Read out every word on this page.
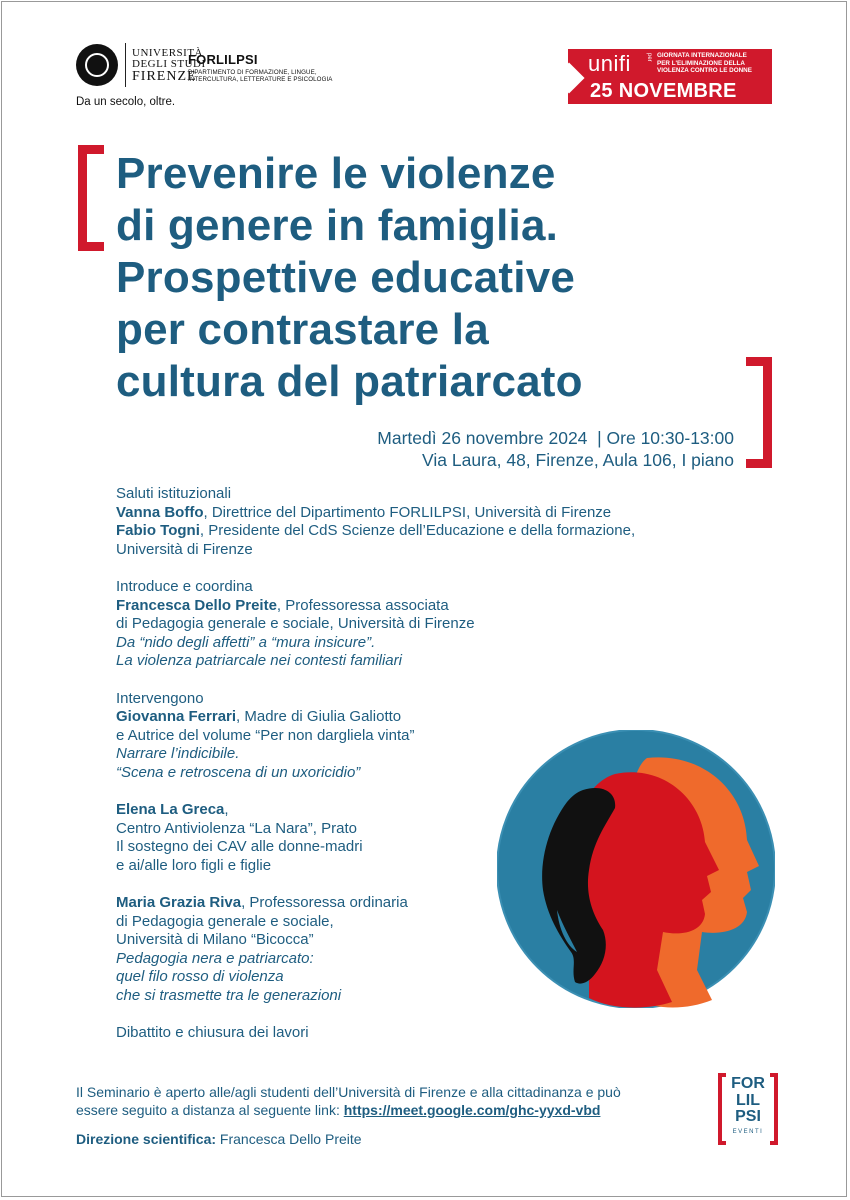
UNIVERSITÀ
DEGLI STUDI
FIRENZE
FORLILPSI
DIPARTIMENTO DI FORMAZIONE, LINGUE,
INTERCULTURA, LETTERATURE E PSICOLOGIA
Da un secolo, oltre.
unifi	per GIORNATA INTERNAZIONALE
PER L'ELIMINAZIONE DELLA
VIOLENZA CONTRO LE DONNE
25 NOVEMBRE
Prevenire le violenze
di genere in famiglia.
Prospettive educative
per contrastare la
cultura del patriarcato
Martedì 26 novembre 2024  | Ore 10:30-13:00
Via Laura, 48, Firenze, Aula 106, I piano

Saluti istituzionali
Vanna Boffo, Direttrice del Dipartimento FORLILPSI, Università di Firenze
Fabio Togni, Presidente del CdS Scienze dell’Educazione e della formazione,
Università di Firenze

Introduce e coordina
Francesca Dello Preite, Professoressa associata
di Pedagogia generale e sociale, Università di Firenze
Da “nido degli affetti” a “mura insicure”.
La violenza patriarcale nei contesti familiari

Intervengono
Giovanna Ferrari, Madre di Giulia Galiotto
e Autrice del volume “Per non dargliela vinta”
Narrare l’indicibile.
“Scena e retroscena di un uxoricidio”

Elena La Greca,
Centro Antiviolenza “La Nara”, Prato
Il sostegno dei CAV alle donne-madri
e ai/alle loro figli e figlie

Maria Grazia Riva, Professoressa ordinaria
di Pedagogia generale e sociale,
Università di Milano “Bicocca”
Pedagogia nera e patriarcato:
quel filo rosso di violenza
che si trasmette tra le generazioni

Dibattito e chiusura dei lavori

Il Seminario è aperto alle/agli studenti dell’Università di Firenze e alla cittadinanza e può
essere seguito a distanza al seguente link: https://meet.google.com/ghc-yyxd-vbd
Direzione scientifica: Francesca Dello Preite
FOR
LIL
PSI
EVENTI
